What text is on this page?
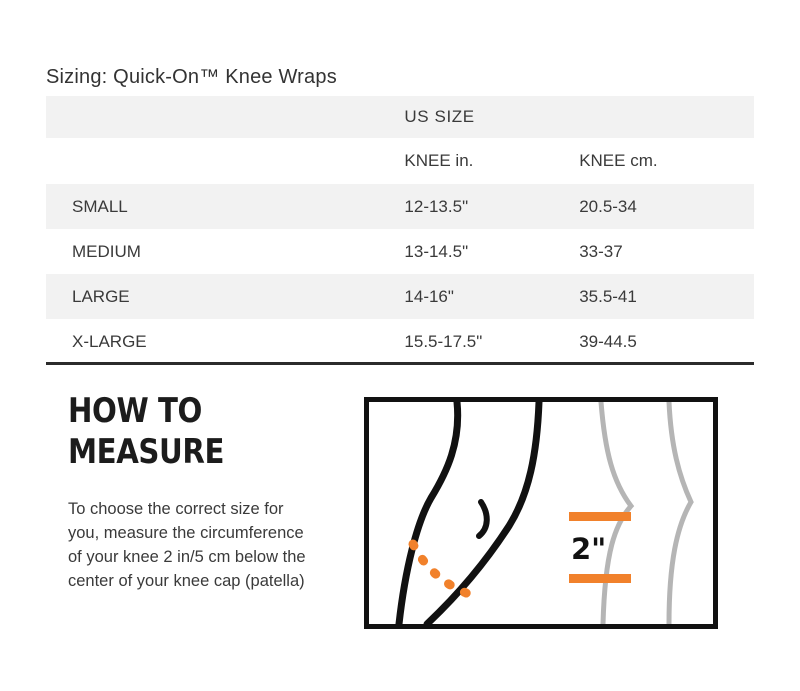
Sizing: Quick-On™ Knee Wraps
	US SIZE	
	KNEE in.	KNEE cm.
SMALL	12-13.5"	20.5-34
MEDIUM	13-14.5"	33-37
LARGE	14-16"	35.5-41
X-LARGE	15.5-17.5"	39-44.5
HOW TO
MEASURE
To choose the correct size for you, measure the circumference of your knee 2 in/5 cm below the center of your knee cap (patella)
2"
